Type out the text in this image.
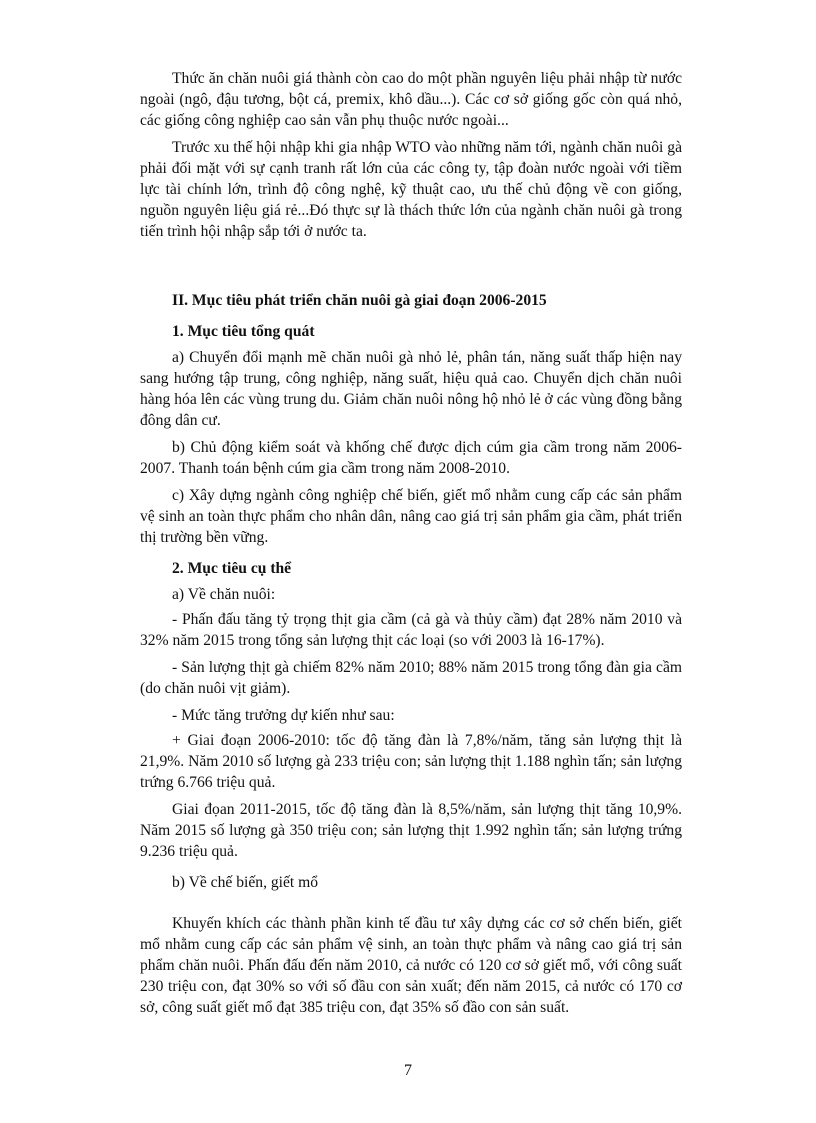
Thức ăn chăn nuôi giá thành còn cao do một phần nguyên liệu phải nhập từ nước ngoài (ngô, đậu tương, bột cá, premix, khô dầu...). Các cơ sở giống gốc còn quá nhỏ, các giống công nghiệp cao sản vẫn phụ thuộc nước ngoài...

Trước xu thế hội nhập khi gia nhập WTO vào những năm tới, ngành chăn nuôi gà phải đối mặt với sự cạnh tranh rất lớn của các công ty, tập đoàn nước ngoài với tiềm lực tài chính lớn, trình độ công nghệ, kỹ thuật cao, ưu thế chủ động về con giống, nguồn nguyên liệu giá rẻ...Đó thực sự là thách thức lớn của ngành chăn nuôi gà trong tiến trình hội nhập sắp tới ở nước ta.

II. Mục tiêu phát triển chăn nuôi gà giai đoạn 2006-2015

1. Mục tiêu tổng quát

a) Chuyển đổi mạnh mẽ chăn nuôi gà nhỏ lẻ, phân tán, năng suất thấp hiện nay sang hướng tập trung, công nghiệp, năng suất, hiệu quả cao. Chuyển dịch chăn nuôi hàng hóa lên các vùng trung du. Giảm chăn nuôi nông hộ nhỏ lẻ ở các vùng đồng bằng đông dân cư.

b) Chủ động kiểm soát và khống chế được dịch cúm gia cầm trong năm 2006-2007. Thanh toán bệnh cúm gia cầm trong năm 2008-2010.

c) Xây dựng ngành công nghiệp chế biến, giết mổ nhằm cung cấp các sản phẩm vệ sinh an toàn thực phẩm cho nhân dân, nâng cao giá trị sản phẩm gia cầm, phát triển thị trường bền vững.

2. Mục tiêu cụ thể

a) Về chăn nuôi:

- Phấn đấu tăng tỷ trọng thịt gia cầm (cả gà và thủy cầm) đạt 28% năm 2010 và 32% năm 2015 trong tổng sản lượng thịt các loại (so với 2003 là 16-17%).

- Sản lượng thịt gà chiếm 82% năm 2010; 88% năm 2015 trong tổng đàn gia cầm (do chăn nuôi vịt giảm).

- Mức tăng trưởng dự kiến như sau:

+ Giai đoạn 2006-2010: tốc độ tăng đàn là 7,8%/năm, tăng sản lượng thịt là 21,9%. Năm 2010 số lượng gà 233 triệu con; sản lượng thịt 1.188 nghìn tấn; sản lượng trứng 6.766 triệu quả.

Giai đọan 2011-2015, tốc độ tăng đàn là 8,5%/năm, sản lượng thịt tăng 10,9%. Năm 2015 số lượng gà 350 triệu con; sản lượng thịt 1.992 nghìn tấn; sản lượng trứng 9.236 triệu quả.

b) Về chế biến, giết mổ

Khuyến khích các thành phần kinh tế đầu tư xây dựng các cơ sở chến biến, giết mổ nhằm cung cấp các sản phẩm vệ sinh, an toàn thực phẩm và nâng cao giá trị sản phẩm chăn nuôi. Phấn đấu đến năm 2010, cả nước có 120 cơ sở giết mổ, với công suất 230 triệu con, đạt 30% so với số đầu con sản xuất; đến năm 2015, cả nước có 170 cơ sở, công suất giết mổ đạt 385 triệu con, đạt 35% số đầo con sản suất.

7
